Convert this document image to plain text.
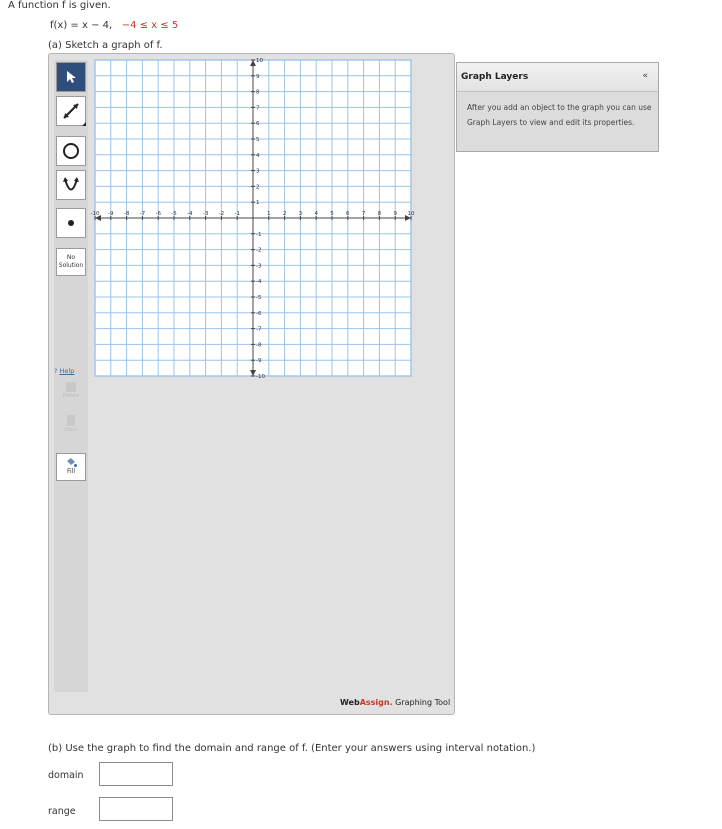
A function f is given.
f(x) = x − 4, −4 ≤ x ≤ 5
(a) Sketch a graph of f.
No
Solution
? Help
Delete
Clear
Fill
-10 -9 -8 -7 -6 -5 -4 -3 -2 -1	1 2 3 4 5 6 7 8 9 10
10
9
8
7
6
5
4
3
2
1
-1
-2
-3
-4
-5
-6
-7
-8
-9
-10
WebAssign. Graphing Tool
Graph Layers	«
After you add an object to the graph you can use Graph Layers to view and edit its properties.
(b) Use the graph to find the domain and range of f. (Enter your answers using interval notation.)
domain
range
